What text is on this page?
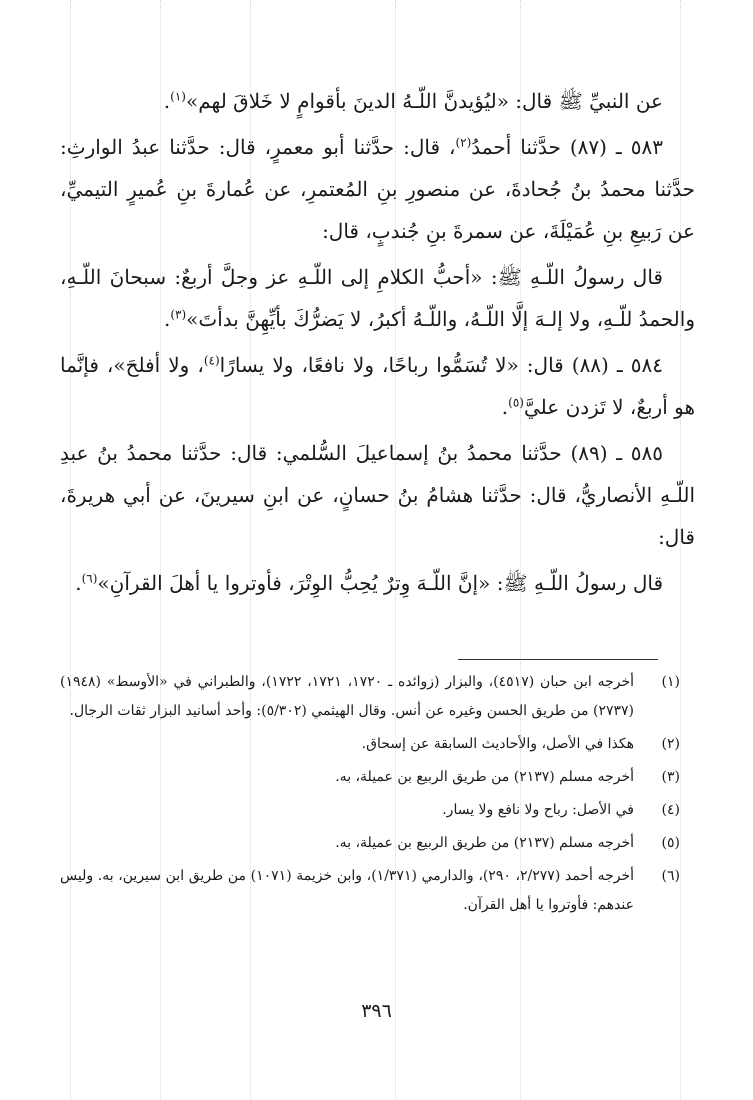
عن النبيِّ ﷺ قال: «ليُؤيدنَّ اللّـهُ الدينَ بأقوامٍ لا خَلاقَ لهم»$^{(١)}$.

٥٨٣ ـ (٨٧) حدَّثنا أحمدُ$^{(٢)}$، قال: حدَّثنا أبو معمرٍ، قال: حدَّثنا عبدُ الوارثِ: حدَّثنا محمدُ بنُ جُحادةَ، عن منصورِ بنِ المُعتمرِ، عن عُمارةَ بنِ عُميرٍ التيميِّ، عن رَبيعِ بنِ عُمَيْلَةَ، عن سمرةَ بنِ جُندبٍ، قال:

قال رسولُ اللّـهِ ﷺ: «أحبُّ الكلامِ إلى اللّـهِ عز وجلَّ أربعٌ: سبحانَ اللّـهِ، والحمدُ للّـهِ، ولا إلـهَ إلَّا اللّـهُ، واللّـهُ أكبرُ، لا يَضرُّكَ بأيِّهِنَّ بدأتَ»$^{(٣)}$.

٥٨٤ ـ (٨٨) قال: «لا تُسَمُّوا رباحًا، ولا نافعًا، ولا يسارًا$^{(٤)}$، ولا أفلحَ»، فإنَّما هو أربعٌ، لا تَزدن عليَّ$^{(٥)}$.

٥٨٥ ـ (٨٩) حدَّثنا محمدُ بنُ إسماعيلَ السُّلمي: قال: حدَّثنا محمدُ بنُ عبدِ اللّـهِ الأنصاريُّ، قال: حدَّثنا هشامُ بنُ حسانٍ، عن ابنِ سيرينَ، عن أبي هريرةَ، قال:

قال رسولُ اللّـهِ ﷺ: «إنَّ اللّـهَ وِترٌ يُحِبُّ الوِتْرَ، فأوتروا يا أهلَ القرآنِ»$^{(٦)}$.

(١)
أخرجه ابن حبان (٤٥١٧)، والبزار (زوائده ـ ١٧٢٠، ١٧٢١، ١٧٢٢)، والطبراني في «الأوسط» (١٩٤٨) (٢٧٣٧) من طريق الحسن وغيره عن أنس. وقال الهيثمي (٥/٣٠٢): وأحد أسانيد البزار ثقات الرجال.
(٢)
هكذا في الأصل، والأحاديث السابقة عن إسحاق.
(٣)
أخرجه مسلم (٢١٣٧) من طريق الربيع بن عميلة، به.
(٤)
في الأصل: رباح ولا نافع ولا يسار.
(٥)
أخرجه مسلم (٢١٣٧) من طريق الربيع بن عميلة، به.
(٦)
أخرجه أحمد (٢/٢٧٧، ٢٩٠)، والدارمي (١/٣٧١)، وابن خزيمة (١٠٧١) من طريق ابن سيرين، به. وليس عندهم: فأوتروا يا أهل القرآن.
٣٩٦
